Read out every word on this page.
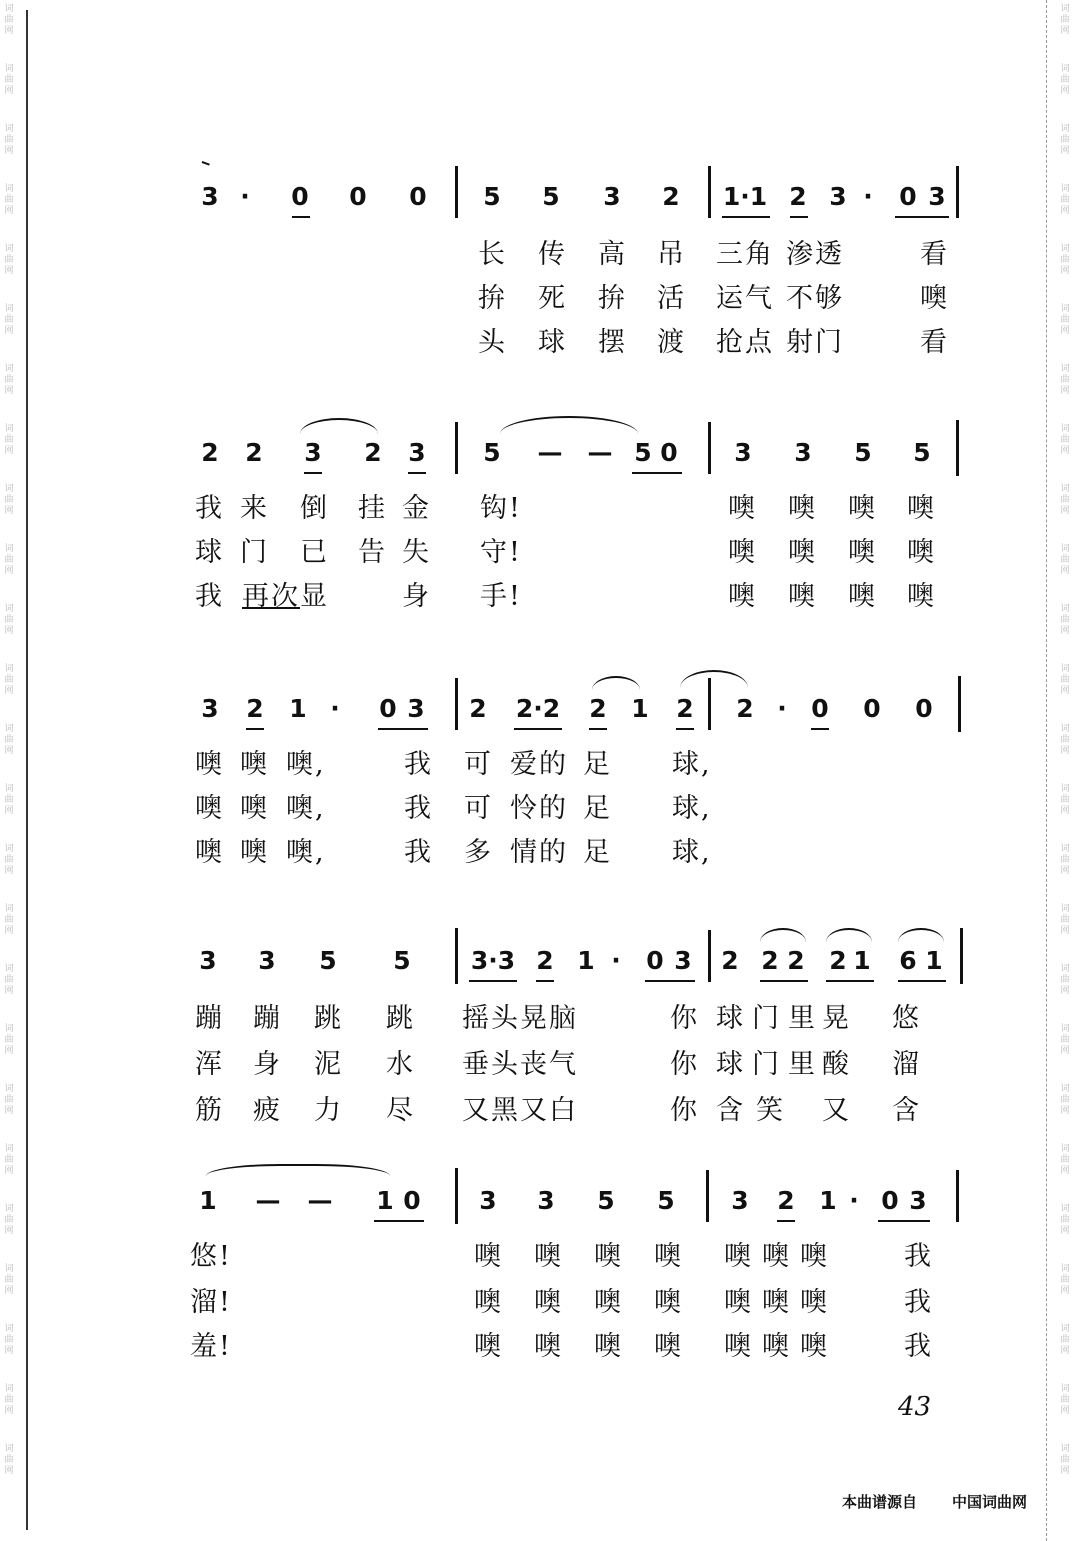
词
曲
网
词
曲
网
词
曲
网
词
曲
网
词
曲
网
词
曲
网
词
曲
网
词
曲
网
词
曲
网
词
曲
网
词
曲
网
词
曲
网
词
曲
网
词
曲
网
词
曲
网
词
曲
网
词
曲
网
词
曲
网
词
曲
网
词
曲
网
词
曲
网
词
曲
网
词
曲
网
词
曲
网
词
曲
网
词
曲
网
词
曲
网
词
曲
网
词
曲
网
词
曲
网
词
曲
网
词
曲
网
词
曲
网
词
曲
网
词
曲
网
词
曲
网
词
曲
网
词
曲
网
词
曲
网
词
曲
网
词
曲
网
词
曲
网
词
曲
网
词
曲
网
词
曲
网
词
曲
网
词
曲
网
词
曲
网
词
曲
网
词
曲
网
3 ·	0 0 0 5 5 3 2 1·1 2 3 ·	0 3
长 传 高 吊 三角 渗透	看
拚 死 拚 活 运气 不够	噢
头 球 摆 渡 抢点 射门	看
2 2 3 2 3 5 — — 5 0 3 3 5 5
我 来 倒 挂 金 钩!	噢 噢 噢 噢
球 门 已 告 失 守!	噢 噢 噢 噢
我 再次 显	身 手!	噢 噢 噢 噢
3 2 1 ·	0 3 2 2·2 2 1 2 2 · 0 0 0
噢 噢 噢,	我 可 爱的 足 球,
噢 噢 噢,	我 可 怜的 足 球,
噢 噢 噢,	我 多 情的 足 球,
3 3 5 5 3·3 2 1 ·	0 3 2 2 2 2 1 6 1
蹦 蹦 跳 跳 摇头晃脑	你 球 门 里 晃 悠
浑 身 泥 水 垂头丧气	你 球 门 里 酸 溜
筋 疲 力 尽 又黑又白	你 含 笑 又 含
1 — — 1 0 3 3 5 5 3 2 1 · 0 3
悠!	噢 噢 噢 噢 噢 噢 噢	我
溜!	噢 噢 噢 噢 噢 噢 噢	我
羞!	噢 噢 噢 噢 噢 噢 噢	我
43
本曲谱源自 中国词曲网
